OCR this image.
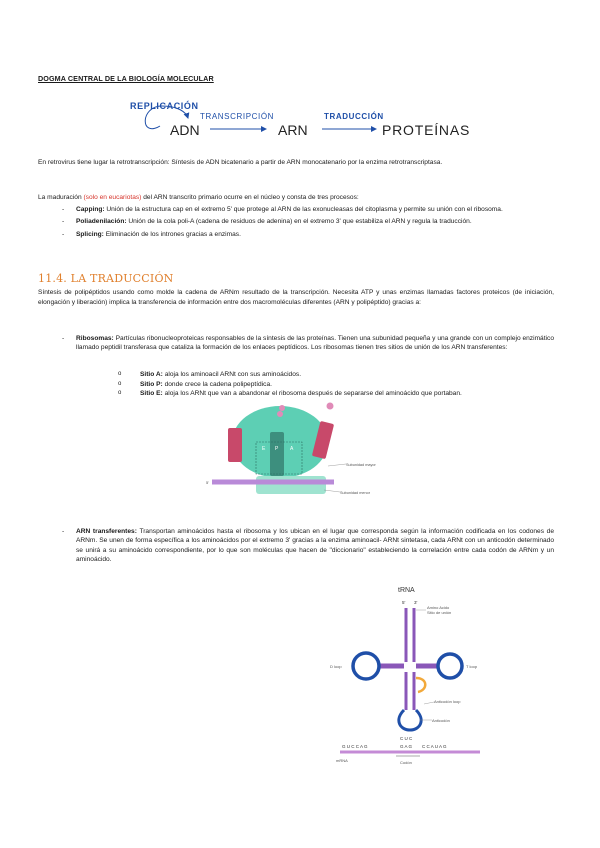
DOGMA CENTRAL DE LA BIOLOGÍA MOLECULAR
REPLICACIÓN
ADN
TRANSCRIPCIÓN
ARN
TRADUCCIÓN
PROTEÍNAS
En retrovirus tiene lugar la retrotranscripción: Síntesis de ADN bicatenario a partir de ARN monocatenario por la enzima retrotranscriptasa.
La maduración (solo en eucariotas) del ARN transcrito primario ocurre en el núcleo y consta de tres procesos:
- Capping: Unión de la estructura cap en el extremo 5' que protege al ARN de las exonucleasas del citoplasma y permite su unión con el ribosoma.
- Poliadenilación: Unión de la cola poli-A (cadena de residuos de adenina) en el extremo 3' que estabiliza el ARN y regula la traducción.
- Splicing: Eliminación de los intrones gracias a enzimas.
11.4. LA TRADUCCIÓN
Síntesis de polipéptidos usando como molde la cadena de ARNm resultado de la transcripción. Necesita ATP y unas enzimas llamadas factores proteicos (de iniciación, elongación y liberación) implica la transferencia de información entre dos macromoléculas diferentes (ARN y polipéptido) gracias a:
- Ribosomas: Partículas ribonucleoproteicas responsables de la síntesis de las proteínas. Tienen una subunidad pequeña y una grande con un complejo enzimático llamado peptidil transferasa que cataliza la formación de los enlaces peptídicos. Los ribosomas tienen tres sitios de unión de los ARN transferentes:
o	Sitio A: aloja los aminoacil ARNt con sus aminoácidos.
o	Sitio P: donde crece la cadena polipeptídica.
o	Sitio E: aloja los ARNt que van a abandonar el ribosoma después de separarse del aminoácido que portaban.
E P A
Subunidad mayor
Subunidad menor
5'
- ARN transferentes: Transportan aminoácidos hasta el ribosoma y los ubican en el lugar que corresponda según la información codificada en los codones de ARNm. Se unen de forma específica a los aminoácidos por el extremo 3' gracias a la enzima aminoacil- ARNt sintetasa, cada ARNt con un anticodón determinado se unirá a su aminoácido correspondiente, por lo que son moléculas que hacen de "diccionario" estableciendo la correlación entre cada codón de ARNm y un aminoácido.
tRNA
5' 3'
Amino Acido
Sitio de unión
D loop	T loop
Anticodón loop
Anticodón
C U C
G U C C A G	G A G C C A U A G
mRNA	Codón
